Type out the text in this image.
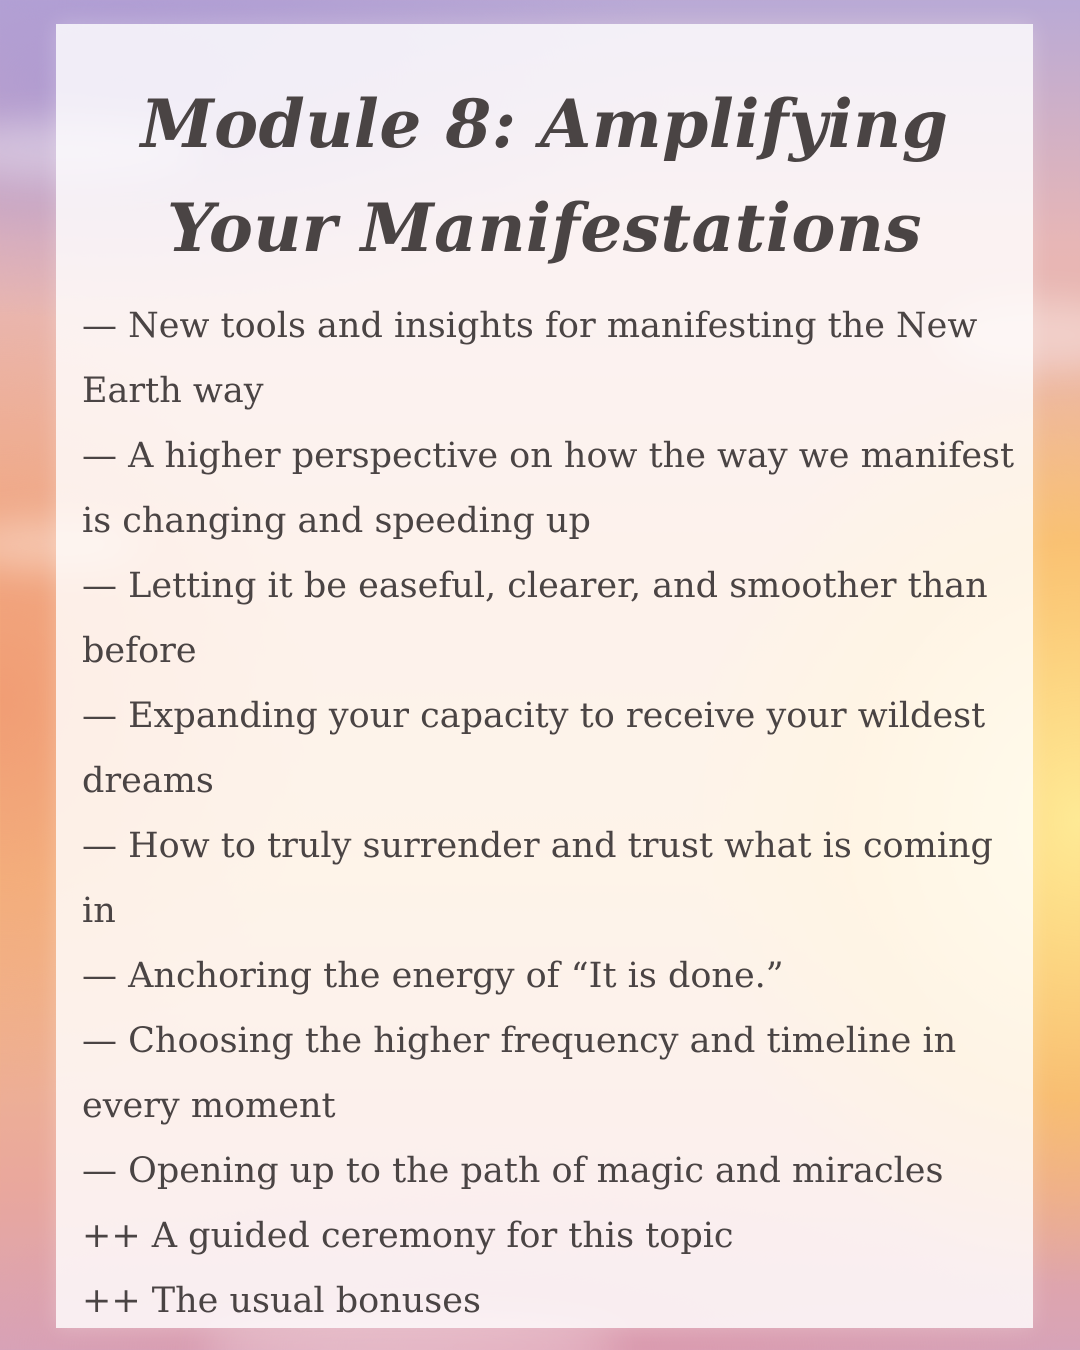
Module 8: Amplifying Your Manifestations
— New tools and insights for manifesting the New Earth way
— A higher perspective on how the way we manifest is changing and speeding up
— Letting it be easeful, clearer, and smoother than before
— Expanding your capacity to receive your wildest dreams
— How to truly surrender and trust what is coming in
— Anchoring the energy of “It is done.”
— Choosing the higher frequency and timeline in every moment
— Opening up to the path of magic and miracles
++ A guided ceremony for this topic
++ The usual bonuses
